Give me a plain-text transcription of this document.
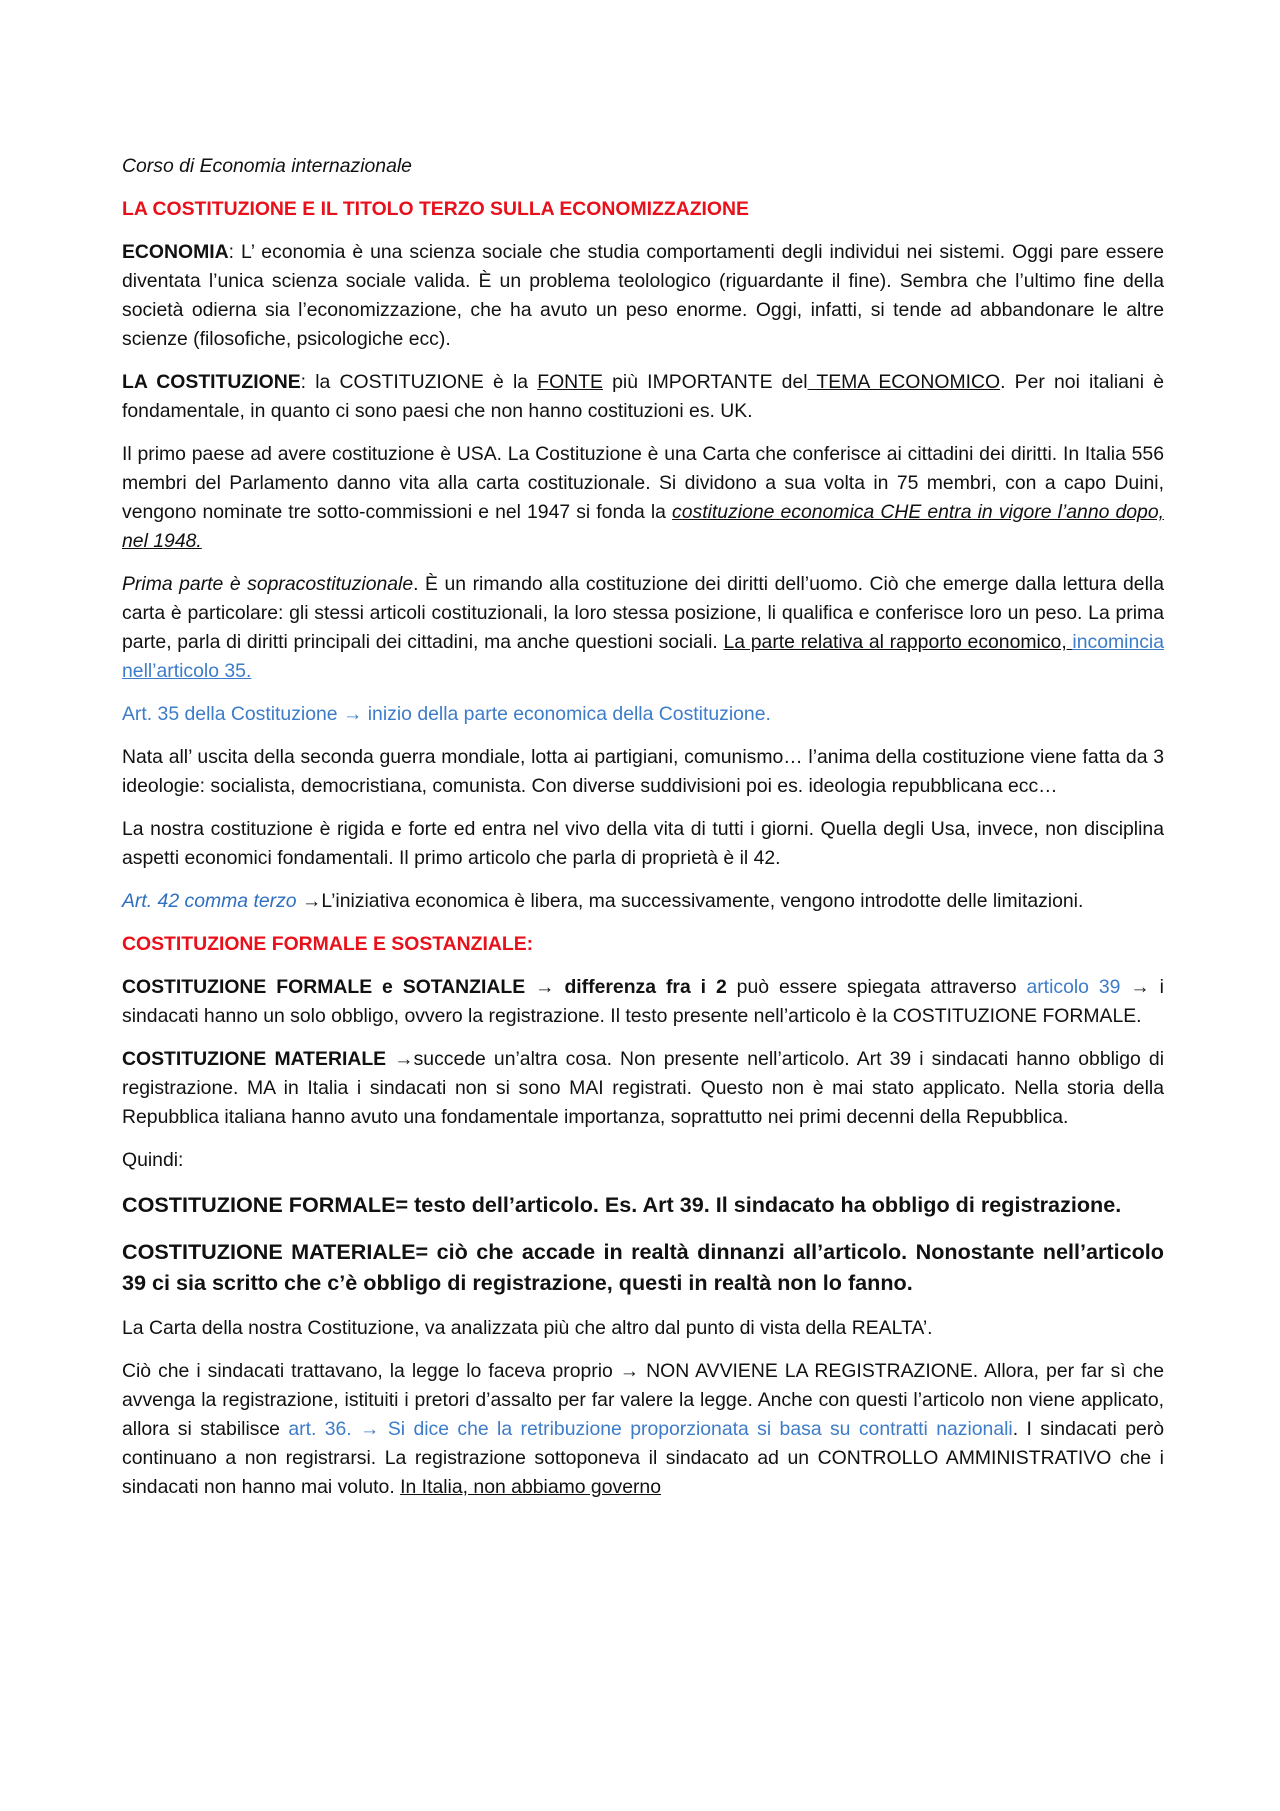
Corso di Economia internazionale

LA COSTITUZIONE E IL TITOLO TERZO SULLA ECONOMIZZAZIONE

ECONOMIA: L’ economia è una scienza sociale che studia comportamenti degli individui nei sistemi. Oggi pare essere diventata l’unica scienza sociale valida. È un problema teolologico (riguardante il fine). Sembra che l’ultimo fine della società odierna sia l’economizzazione, che ha avuto un peso enorme. Oggi, infatti, si tende ad abbandonare le altre scienze (filosofiche, psicologiche ecc).

LA COSTITUZIONE: la COSTITUZIONE è la FONTE più IMPORTANTE del TEMA ECONOMICO. Per noi italiani è fondamentale, in quanto ci sono paesi che non hanno costituzioni es. UK.

Il primo paese ad avere costituzione è USA. La Costituzione è una Carta che conferisce ai cittadini dei diritti. In Italia 556 membri del Parlamento danno vita alla carta costituzionale. Si dividono a sua volta in 75 membri, con a capo Duini, vengono nominate tre sotto-commissioni e nel 1947 si fonda la costituzione economica CHE entra in vigore l’anno dopo, nel 1948.

Prima parte è sopracostituzionale. È un rimando alla costituzione dei diritti dell’uomo. Ciò che emerge dalla lettura della carta è particolare: gli stessi articoli costituzionali, la loro stessa posizione, li qualifica e conferisce loro un peso. La prima parte, parla di diritti principali dei cittadini, ma anche questioni sociali. La parte relativa al rapporto economico, incomincia nell’articolo 35.

Art. 35 della Costituzione → inizio della parte economica della Costituzione.

Nata all’ uscita della seconda guerra mondiale, lotta ai partigiani, comunismo… l’anima della costituzione viene fatta da 3 ideologie: socialista, democristiana, comunista. Con diverse suddivisioni poi es. ideologia repubblicana ecc…

La nostra costituzione è rigida e forte ed entra nel vivo della vita di tutti i giorni. Quella degli Usa, invece, non disciplina aspetti economici fondamentali. Il primo articolo che parla di proprietà è il 42.

Art. 42 comma terzo →L’iniziativa economica è libera, ma successivamente, vengono introdotte delle limitazioni.

COSTITUZIONE FORMALE E SOSTANZIALE:

COSTITUZIONE FORMALE e SOTANZIALE → differenza fra i 2 può essere spiegata attraverso articolo 39 → i sindacati hanno un solo obbligo, ovvero la registrazione. Il testo presente nell’articolo è la COSTITUZIONE FORMALE.

COSTITUZIONE MATERIALE →succede un’altra cosa. Non presente nell’articolo. Art 39 i sindacati hanno obbligo di registrazione. MA in Italia i sindacati non si sono MAI registrati. Questo non è mai stato applicato. Nella storia della Repubblica italiana hanno avuto una fondamentale importanza, soprattutto nei primi decenni della Repubblica.

Quindi:

COSTITUZIONE FORMALE= testo dell’articolo. Es. Art 39. Il sindacato ha obbligo di registrazione.

COSTITUZIONE MATERIALE= ciò che accade in realtà dinnanzi all’articolo. Nonostante nell’articolo 39 ci sia scritto che c’è obbligo di registrazione, questi in realtà non lo fanno.

La Carta della nostra Costituzione, va analizzata più che altro dal punto di vista della REALTA’.

Ciò che i sindacati trattavano, la legge lo faceva proprio → NON AVVIENE LA REGISTRAZIONE. Allora, per far sì che avvenga la registrazione, istituiti i pretori d’assalto per far valere la legge. Anche con questi l’articolo non viene applicato, allora si stabilisce art. 36. → Si dice che la retribuzione proporzionata si basa su contratti nazionali. I sindacati però continuano a non registrarsi. La registrazione sottoponeva il sindacato ad un CONTROLLO AMMINISTRATIVO che i sindacati non hanno mai voluto. In Italia, non abbiamo governo
